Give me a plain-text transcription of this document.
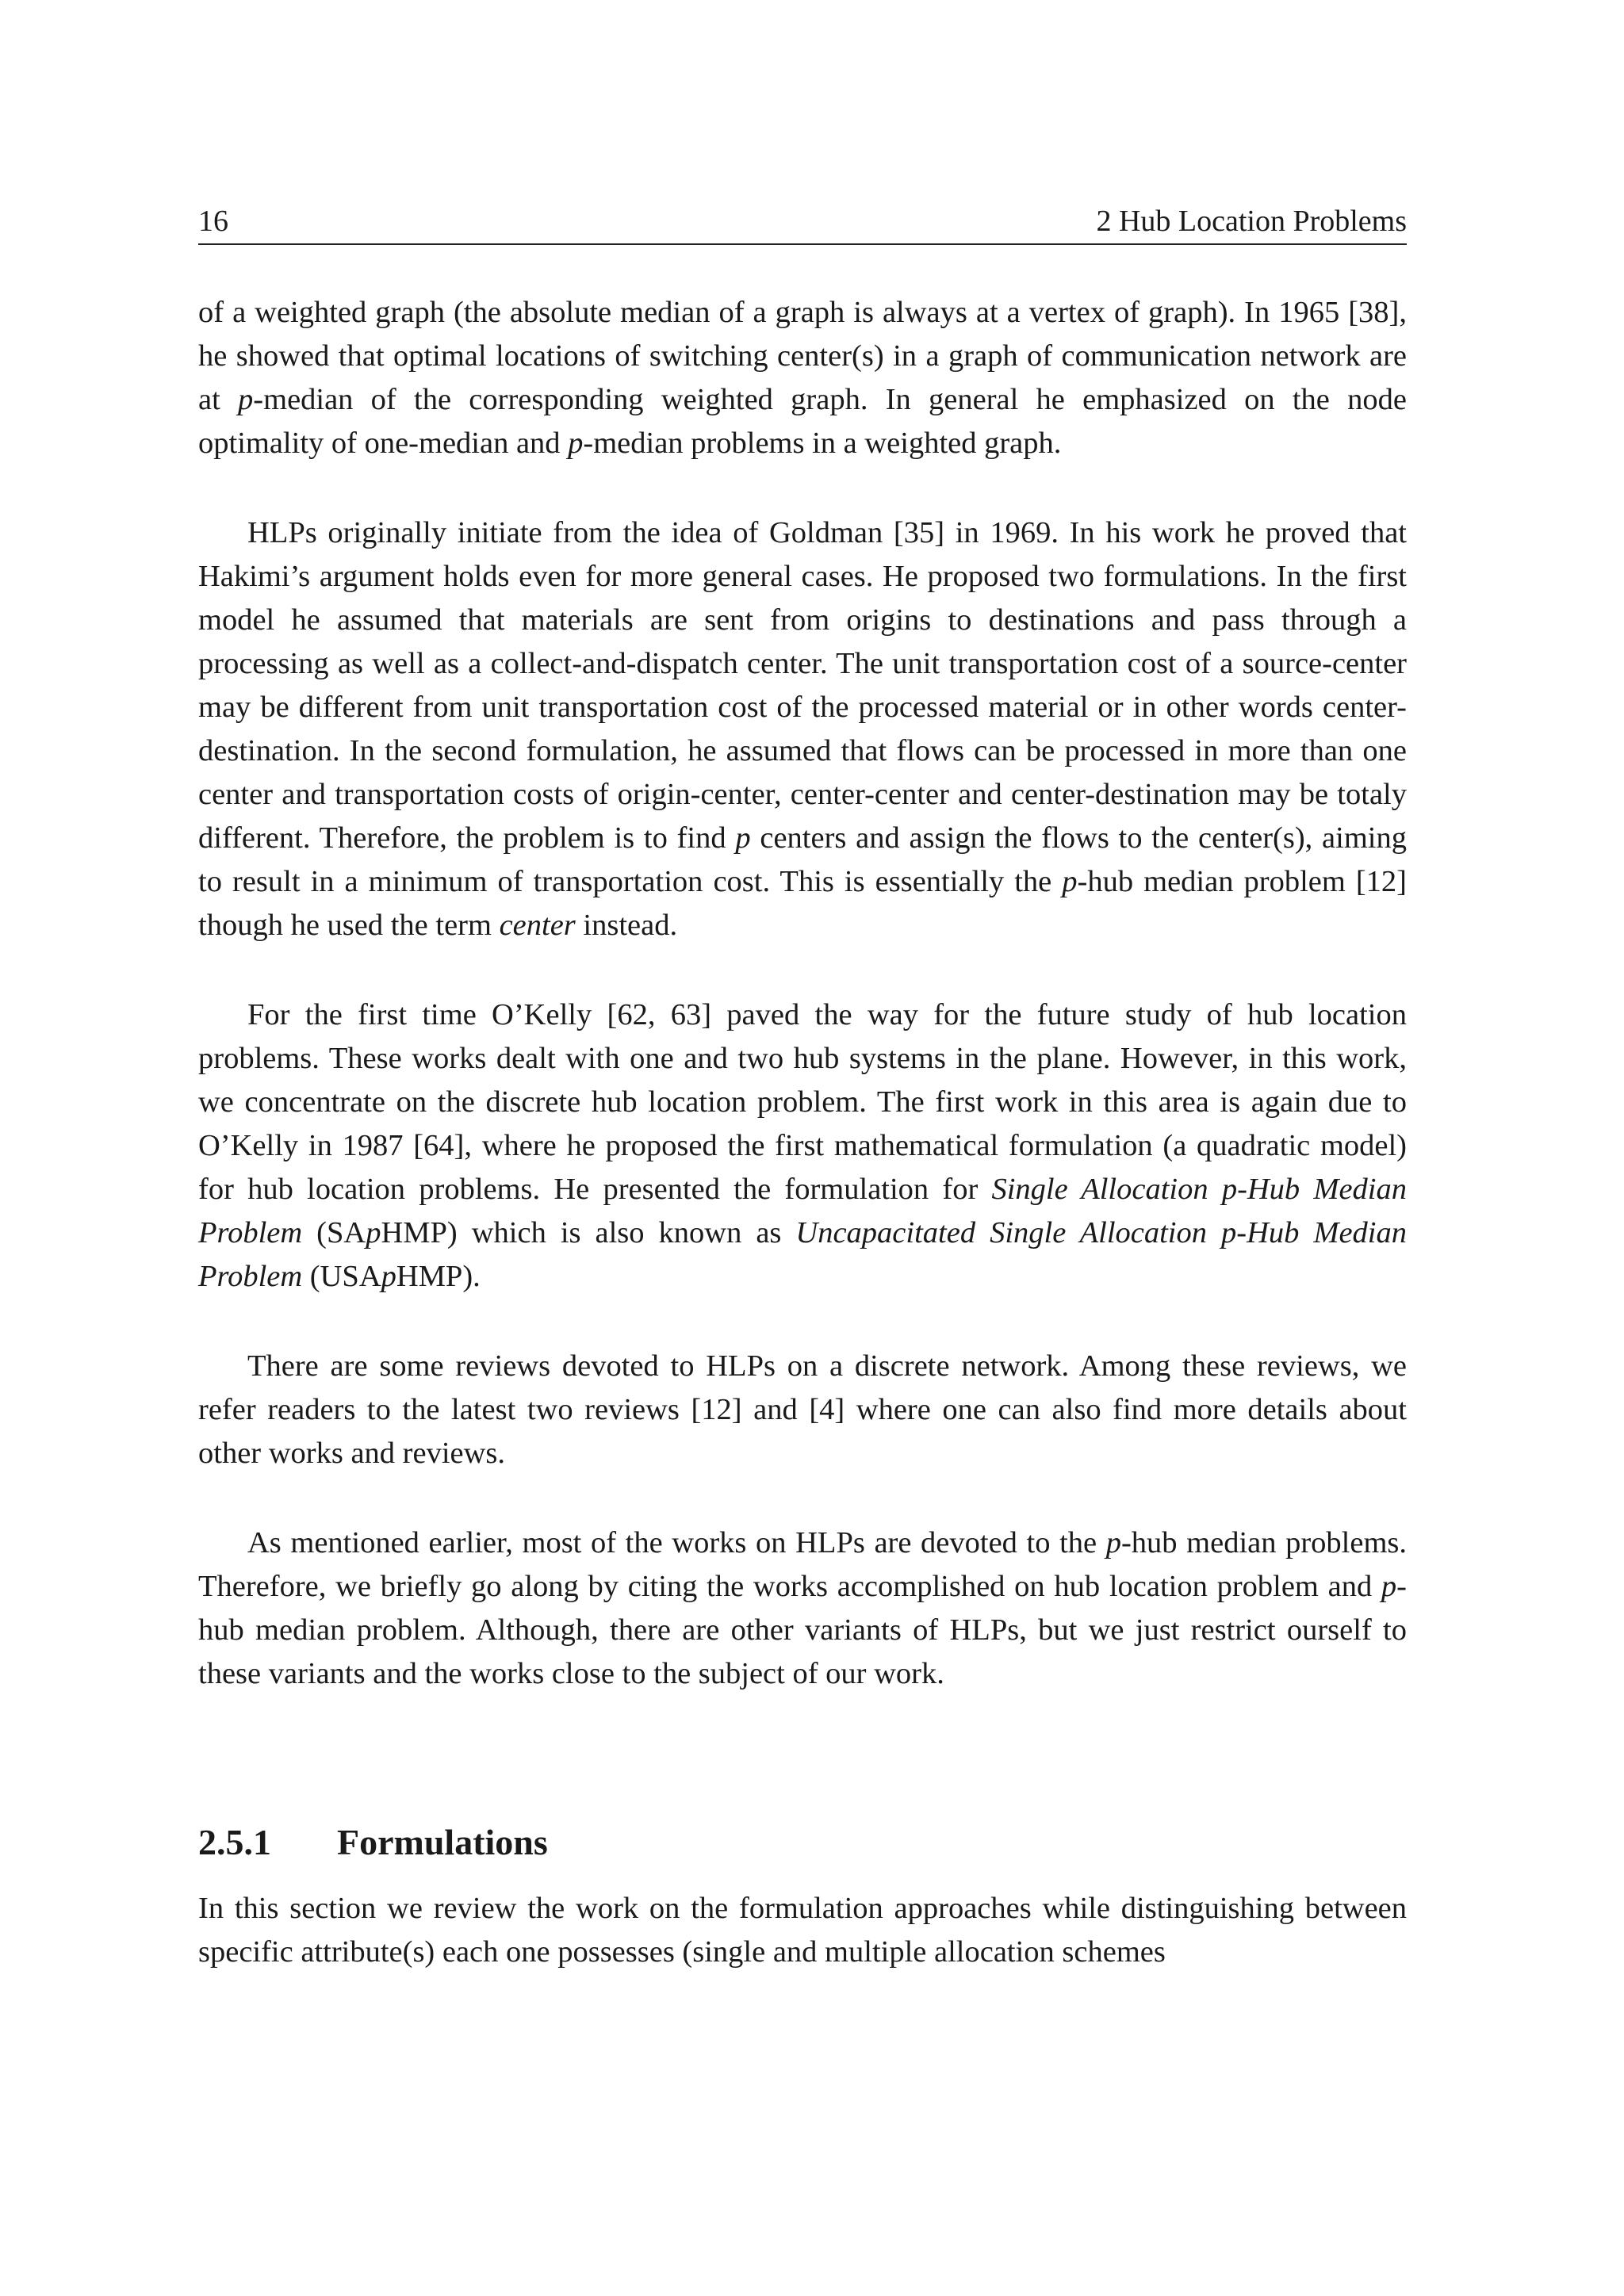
16	2 Hub Location Problems

of a weighted graph (the absolute median of a graph is always at a vertex of graph). In 1965 [38], he showed that optimal locations of switching center(s) in a graph of communication network are at p-median of the corresponding weighted graph. In general he emphasized on the node optimality of one-median and p-median problems in a weighted graph.

HLPs originally initiate from the idea of Goldman [35] in 1969. In his work he proved that Hakimi’s argument holds even for more general cases. He proposed two formulations. In the first model he assumed that materials are sent from origins to destinations and pass through a processing as well as a collect-and-dispatch center. The unit transportation cost of a source-center may be different from unit transportation cost of the processed material or in other words center-destination. In the second formulation, he assumed that flows can be processed in more than one center and transportation costs of origin-center, center-center and center-destination may be totaly different. Therefore, the problem is to find p centers and assign the flows to the center(s), aiming to result in a minimum of transportation cost. This is essentially the p-hub median problem [12] though he used the term center instead.

For the first time O’Kelly [62, 63] paved the way for the future study of hub location problems. These works dealt with one and two hub systems in the plane. However, in this work, we concentrate on the discrete hub location problem. The first work in this area is again due to O’Kelly in 1987 [64], where he proposed the first mathematical formulation (a quadratic model) for hub location problems. He presented the formulation for Single Allocation p-Hub Median Problem (SApHMP) which is also known as Uncapacitated Single Allocation p-Hub Median Problem (USApHMP).

There are some reviews devoted to HLPs on a discrete network. Among these reviews, we refer readers to the latest two reviews [12] and [4] where one can also find more details about other works and reviews.

As mentioned earlier, most of the works on HLPs are devoted to the p-hub median problems. Therefore, we briefly go along by citing the works accomplished on hub location problem and p-hub median problem. Although, there are other variants of HLPs, but we just restrict ourself to these variants and the works close to the subject of our work.

2.5.1	Formulations

In this section we review the work on the formulation approaches while distinguishing between specific attribute(s) each one possesses (single and multiple allocation schemes
